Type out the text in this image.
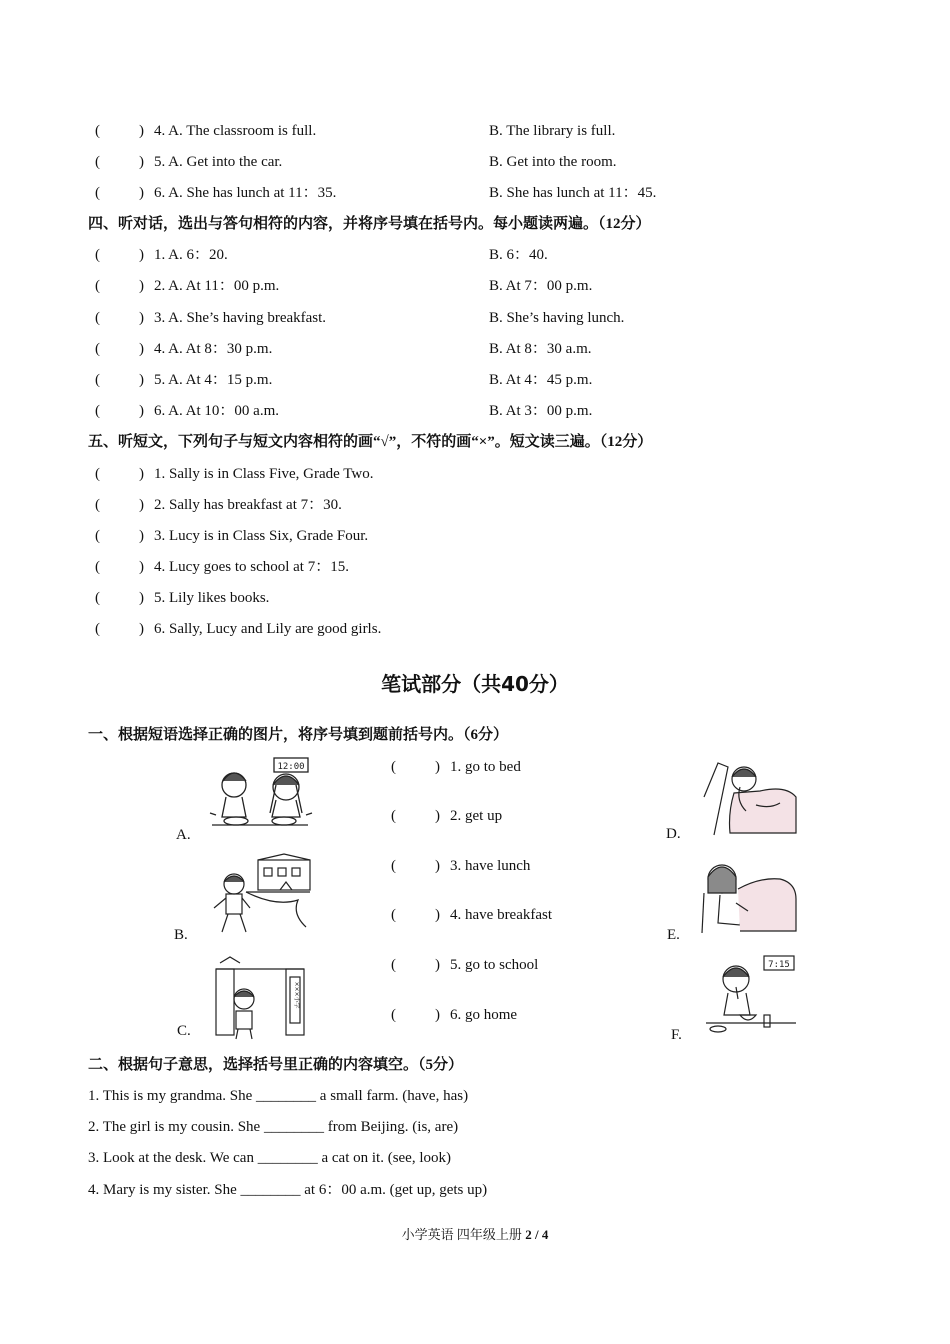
(	) 4. A. The classroom is full.	B. The library is full.
(	) 5. A. Get into the car.	B. Get into the room.
(	) 6. A. She has lunch at 11：35.	B. She has lunch at 11：45.
四、听对话，选出与答句相符的内容，并将序号填在括号内。每小题读两遍。（12分）
(	) 1. A. 6：20.	B. 6：40.
(	) 2. A. At 11：00 p.m.	B. At 7：00 p.m.
(	) 3. A. She’s having breakfast.	B. She’s having lunch.
(	) 4. A. At 8：30 p.m.	B. At 8：30 a.m.
(	) 5. A. At 4：15 p.m.	B. At 4：45 p.m.
(	) 6. A. At 10：00 a.m.	B. At 3：00 p.m.
五、听短文，下列句子与短文内容相符的画“√”，不符的画“×”。短文读三遍。（12分）
(	) 1. Sally is in Class Five, Grade Two.
(	) 2. Sally has breakfast at 7：30.
(	) 3. Lucy is in Class Six, Grade Four.
(	) 4. Lucy goes to school at 7：15.
(	) 5. Lily likes books.
(	) 6. Sally, Lucy and Lily are good girls.
笔试部分（共40分）
一、根据短语选择正确的图片，将序号填到题前括号内。（6分）
(	) 1. go to bed
(	) 2. get up
(	) 3. have lunch
(	) 4. have breakfast
(	) 5. go to school
(	) 6. go home
A.
B.
C.
D.
E.
F.
12:00
×××小学
7:15
二、根据句子意思，选择括号里正确的内容填空。（5分）
1. This is my grandma. She ________ a small farm. (have, has)
2. The girl is my cousin. She ________ from Beijing. (is, are)
3. Look at the desk. We can ________ a cat on it. (see, look)
4. Mary is my sister. She ________ at 6：00 a.m. (get up, gets up)
小学英语 四年级上册 2 / 4
